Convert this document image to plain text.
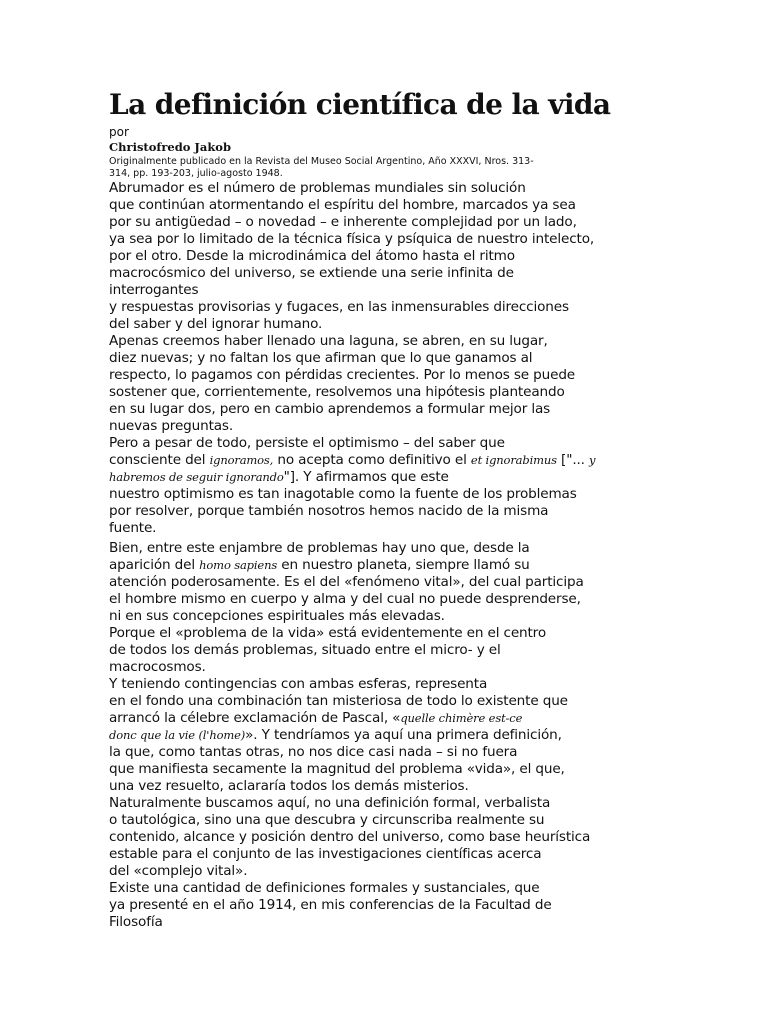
La definición científica de la vida
por
Christofredo Jakob
Originalmente publicado en la Revista del Museo Social Argentino, Año XXXVI, Nros. 313-
314, pp. 193-203, julio-agosto 1948.

Abrumador es el número de problemas mundiales sin solución
que continúan atormentando el espíritu del hombre, marcados ya sea
por su antigüedad – o novedad – e inherente complejidad por un lado,
ya sea por lo limitado de la técnica física y psíquica de nuestro intelecto,
por el otro. Desde la microdinámica del átomo hasta el ritmo
macrocósmico del universo, se extiende una serie infinita de
interrogantes
y respuestas provisorias y fugaces, en las inmensurables direcciones
del saber y del ignorar humano.

Apenas creemos haber llenado una laguna, se abren, en su lugar,
diez nuevas; y no faltan los que afirman que lo que ganamos al
respecto, lo pagamos con pérdidas crecientes. Por lo menos se puede
sostener que, corrientemente, resolvemos una hipótesis planteando
en su lugar dos, pero en cambio aprendemos a formular mejor las
nuevas preguntas.

Pero a pesar de todo, persiste el optimismo – del saber que
consciente del ignoramos, no acepta como definitivo el et ignorabimus ["... y
habremos de seguir ignorando"]. Y afirmamos que este
nuestro optimismo es tan inagotable como la fuente de los problemas
por resolver, porque también nosotros hemos nacido de la misma
fuente.

Bien, entre este enjambre de problemas hay uno que, desde la
aparición del homo sapiens en nuestro planeta, siempre llamó su
atención poderosamente. Es el del «fenómeno vital», del cual participa
el hombre mismo en cuerpo y alma y del cual no puede desprenderse,
ni en sus concepciones espirituales más elevadas.

Porque el «problema de la vida» está evidentemente en el centro
de todos los demás problemas, situado entre el micro- y el
macrocosmos.

Y teniendo contingencias con ambas esferas, representa
en el fondo una combinación tan misteriosa de todo lo existente que
arrancó la célebre exclamación de Pascal, «quelle chimère est-ce
donc que la vie (l'home)». Y tendríamos ya aquí una primera definición,
la que, como tantas otras, no nos dice casi nada – si no fuera
que manifiesta secamente la magnitud del problema «vida», el que,
una vez resuelto, aclararía todos los demás misterios.

Naturalmente buscamos aquí, no una definición formal, verbalista
o tautológica, sino una que descubra y circunscriba realmente su
contenido, alcance y posición dentro del universo, como base heurística
estable para el conjunto de las investigaciones científicas acerca
del «complejo vital».

Existe una cantidad de definiciones formales y sustanciales, que
ya presenté en el año 1914, en mis conferencias de la Facultad de
Filosofía
